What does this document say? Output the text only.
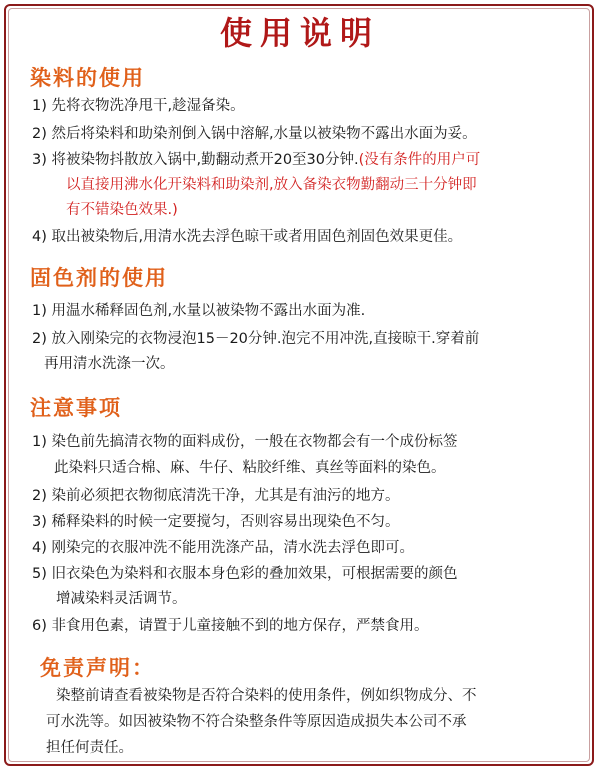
使用说明
染料的使用
1) 先将衣物洗净甩干,趁湿备染。
2) 然后将染料和助染剂倒入锅中溶解,水量以被染物不露出水面为妥。
3) 将被染物抖散放入锅中,勤翻动煮开20至30分钟.(没有条件的用户可
以直接用沸水化开染料和助染剂,放入备染衣物勤翻动三十分钟即
有不错染色效果.)
4) 取出被染物后,用清水洗去浮色晾干或者用固色剂固色效果更佳。
固色剂的使用
1) 用温水稀释固色剂,水量以被染物不露出水面为准.
2) 放入刚染完的衣物浸泡15－20分钟.泡完不用冲洗,直接晾干.穿着前
再用清水洗涤一次。
注意事项
1) 染色前先搞清衣物的面料成份，一般在衣物都会有一个成份标签
此染料只适合棉、麻、牛仔、粘胶纤维、真丝等面料的染色。
2) 染前必须把衣物彻底清洗干净，尤其是有油污的地方。
3) 稀释染料的时候一定要搅匀，否则容易出现染色不匀。
4) 刚染完的衣服冲洗不能用洗涤产品，清水洗去浮色即可。
5) 旧衣染色为染料和衣服本身色彩的叠加效果，可根据需要的颜色
增减染料灵活调节。
6) 非食用色素，请置于儿童接触不到的地方保存，严禁食用。
免责声明：
染整前请查看被染物是否符合染料的使用条件，例如织物成分、不
可水洗等。如因被染物不符合染整条件等原因造成损失本公司不承
担任何责任。
